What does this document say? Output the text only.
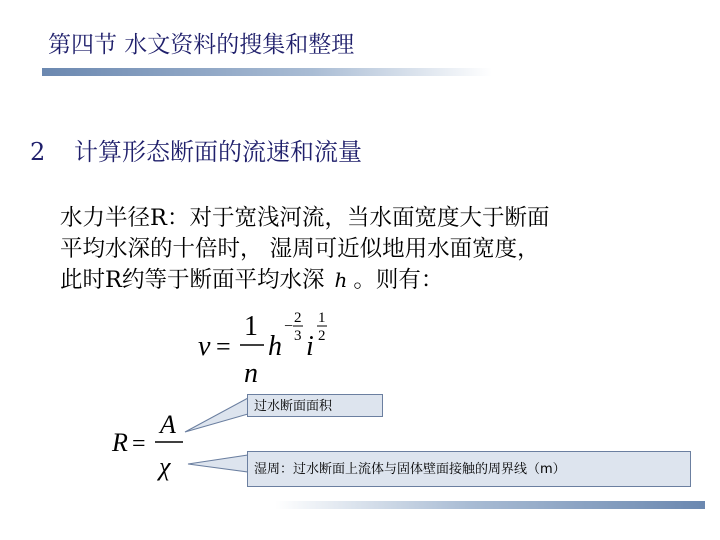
第四节 水文资料的搜集和整理
2 计算形态断面的流速和流量
水力半径R：对于宽浅河流，当水面宽度大于断面
平均水深的十倍时， 湿周可近似地用水面宽度，
此时R约等于断面平均水深 h 。则有：
v =
1
n
h
− 2
3 i
1
2
R =
A
χ
过水断面面积
湿周：过水断面上流体与固体壁面接触的周界线（m）
